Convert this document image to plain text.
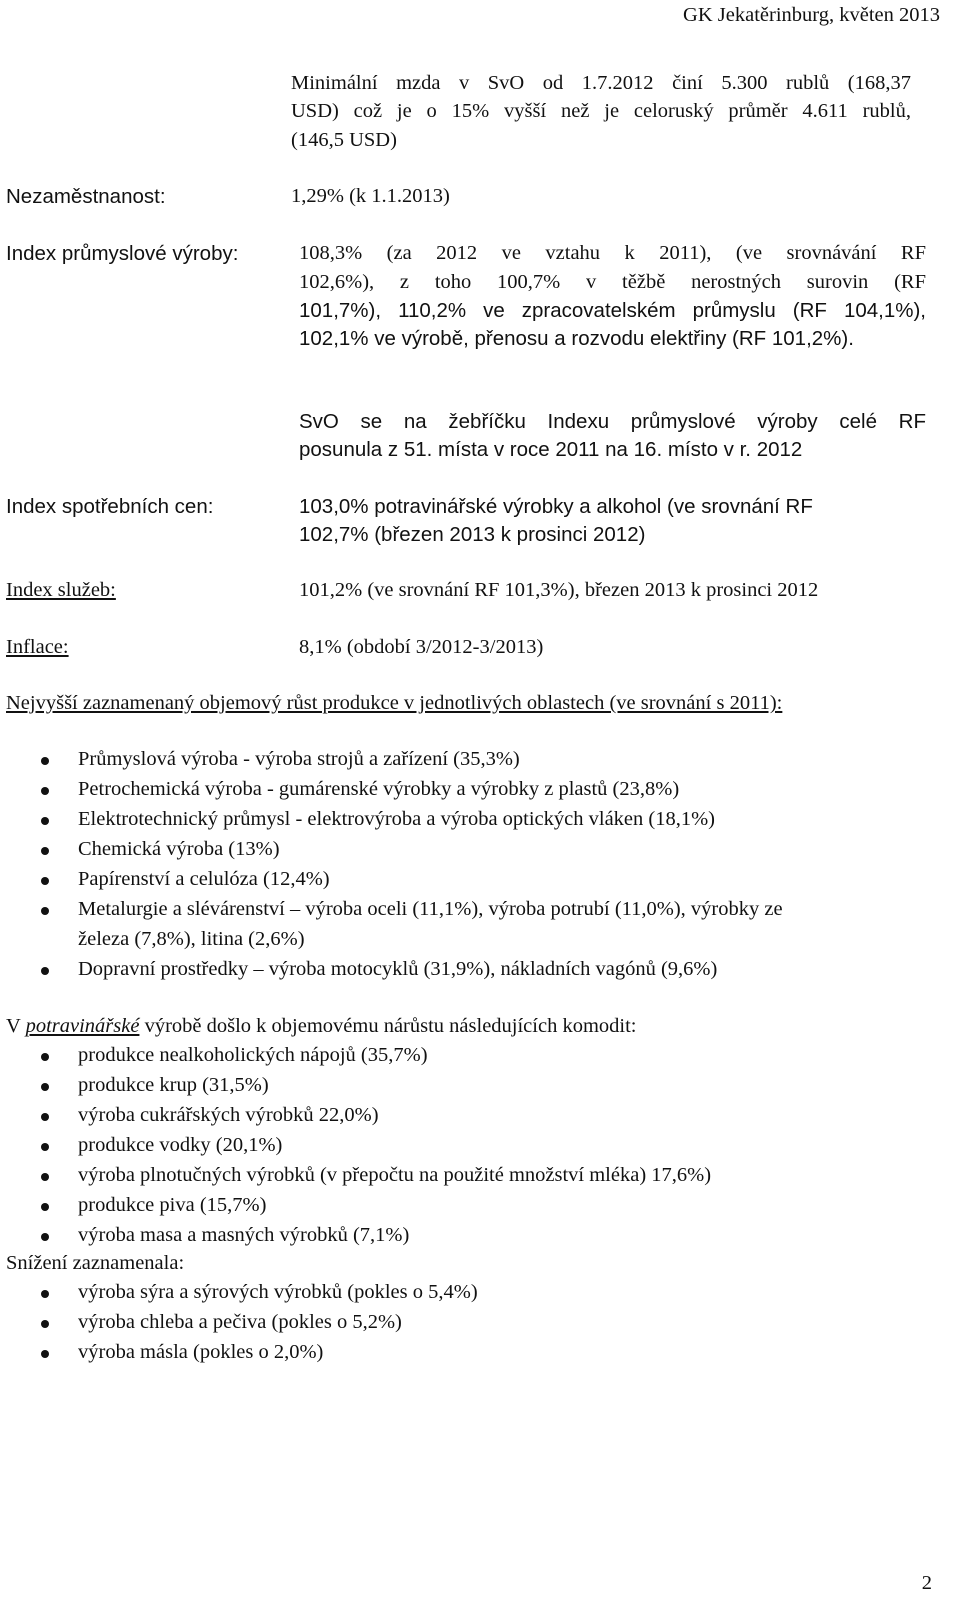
GK Jekatěrinburg, květen 2013
Minimální mzda v SvO od 1.7.2012 činí 5.300 rublů (168,37
USD) což je o 15% vyšší než je celoruský průměr 4.611 rublů,
(146,5 USD)
Nezaměstnanost:	1,29% (k 1.1.2013)
Index průmyslové výroby:	108,3% (za 2012 ve vztahu k 2011), (ve srovnávání RF
102,6%), z toho 100,7% v těžbě nerostných surovin (RF
101,7%), 110,2% ve zpracovatelském průmyslu (RF 104,1%),
102,1% ve výrobě, přenosu a rozvodu elektřiny (RF 101,2%).
SvO se na žebříčku Indexu průmyslové výroby celé RF
posunula z 51. místa v roce 2011 na 16. místo v r. 2012
Index spotřebních cen:	103,0% potravinářské výrobky a alkohol (ve srovnání RF
102,7% (březen 2013 k prosinci 2012)
Index služeb:	101,2% (ve srovnání RF 101,3%), březen 2013 k prosinci 2012
Inflace:	8,1% (období 3/2012-3/2013)
Nejvyšší zaznamenaný objemový růst produkce v jednotlivých oblastech (ve srovnání s 2011):
Průmyslová výroba - výroba strojů a zařízení (35,3%)
Petrochemická výroba - gumárenské výrobky a výrobky z plastů (23,8%)
Elektrotechnický průmysl - elektrovýroba a výroba optických vláken (18,1%)
Chemická výroba (13%)
Papírenství a celulóza (12,4%)
Metalurgie a slévárenství – výroba oceli (11,1%), výroba potrubí (11,0%), výrobky ze
železa (7,8%), litina (2,6%)
Dopravní prostředky – výroba motocyklů (31,9%), nákladních vagónů (9,6%)
V potravinářské výrobě došlo k objemovému nárůstu následujících komodit:
produkce nealkoholických nápojů (35,7%)
produkce krup (31,5%)
výroba cukrářských výrobků 22,0%)
produkce vodky (20,1%)
výroba plnotučných výrobků (v přepočtu na použité množství mléka) 17,6%)
produkce piva (15,7%)
výroba masa a masných výrobků (7,1%)
Snížení zaznamenala:
výroba sýra a sýrových výrobků (pokles o 5,4%)
výroba chleba a pečiva (pokles o 5,2%)
výroba másla (pokles o 2,0%)
2
